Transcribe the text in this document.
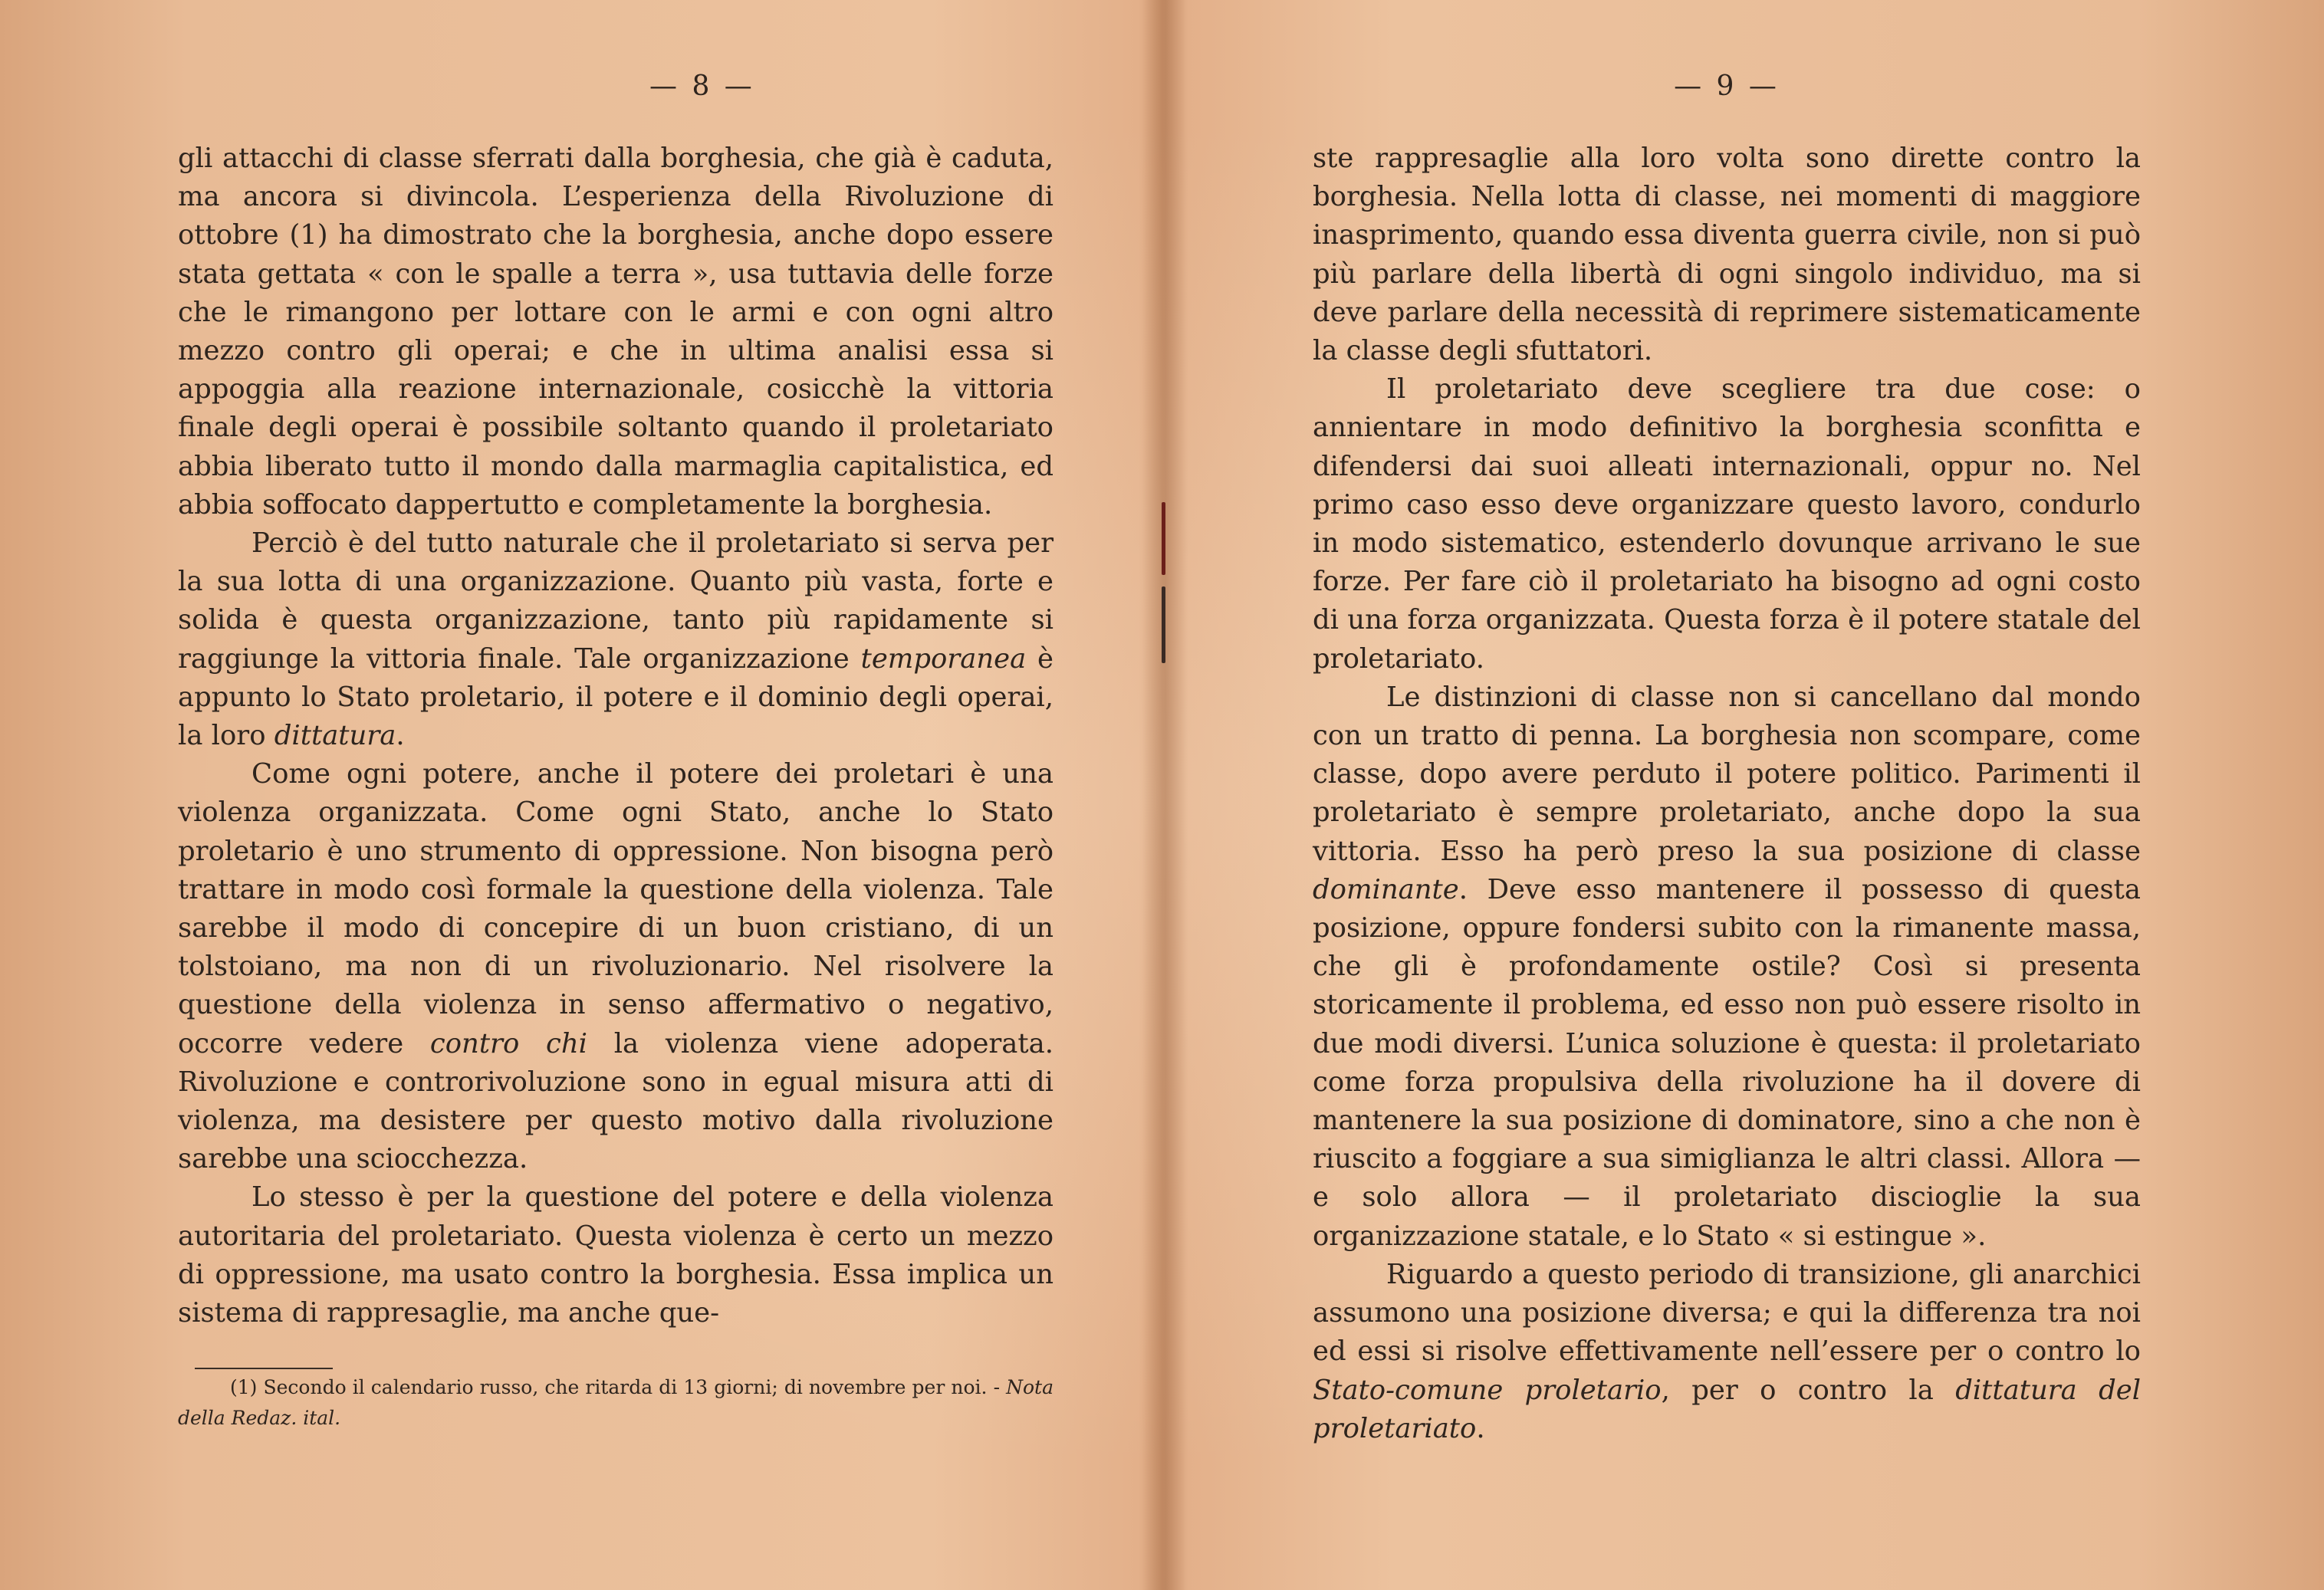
— 8 —

gli attacchi di classe sferrati dalla borghesia, che già è caduta, ma ancora si divincola. L’esperienza della Rivoluzione di ottobre (1) ha dimostrato che la borghesia, anche dopo essere stata gettata « con le spalle a terra », usa tuttavia delle forze che le rimangono per lottare con le armi e con ogni altro mezzo contro gli operai; e che in ultima analisi essa si appoggia alla reazione internazionale, cosicchè la vittoria finale degli operai è possibile soltanto quando il proletariato abbia liberato tutto il mondo dalla marmaglia capitalistica, ed abbia soffocato dappertutto e completamente la borghesia.

Perciò è del tutto naturale che il proletariato si serva per la sua lotta di una organizzazione. Quanto più vasta, forte e solida è questa organizzazione, tanto più rapidamente si raggiunge la vittoria finale. Tale organizzazione temporanea è appunto lo Stato proletario, il potere e il dominio degli operai, la loro dittatura.

Come ogni potere, anche il potere dei proletari è una violenza organizzata. Come ogni Stato, anche lo Stato proletario è uno strumento di oppressione. Non bisogna però trattare in modo così formale la questione della violenza. Tale sarebbe il modo di concepire di un buon cristiano, di un tolstoiano, ma non di un rivoluzionario. Nel risolvere la questione della violenza in senso affermativo o negativo, occorre vedere contro chi la violenza viene adoperata. Rivoluzione e controrivoluzione sono in egual misura atti di violenza, ma desistere per questo motivo dalla rivoluzione sarebbe una sciocchezza.

Lo stesso è per la questione del potere e della violenza autoritaria del proletariato. Questa violenza è certo un mezzo di oppressione, ma usato contro la borghesia. Essa implica un sistema di rappresaglie, ma anche que-

(1) Secondo il calendario russo, che ritarda di 13 giorni; di novembre per noi. - Nota della Redaz. ital.
— 9 —

ste rappresaglie alla loro volta sono dirette contro la borghesia. Nella lotta di classe, nei momenti di maggiore inasprimento, quando essa diventa guerra civile, non si può più parlare della libertà di ogni singolo individuo, ma si deve parlare della necessità di reprimere sistematicamente la classe degli sfuttatori.

Il proletariato deve scegliere tra due cose: o annientare in modo definitivo la borghesia sconfitta e difendersi dai suoi alleati internazionali, oppur no. Nel primo caso esso deve organizzare questo lavoro, condurlo in modo sistematico, estenderlo dovunque arrivano le sue forze. Per fare ciò il proletariato ha bisogno ad ogni costo di una forza organizzata. Questa forza è il potere statale del proletariato.

Le distinzioni di classe non si cancellano dal mondo con un tratto di penna. La borghesia non scompare, come classe, dopo avere perduto il potere politico. Parimenti il proletariato è sempre proletariato, anche dopo la sua vittoria. Esso ha però preso la sua posizione di classe dominante. Deve esso mantenere il possesso di questa posizione, oppure fondersi subito con la rimanente massa, che gli è profondamente ostile? Così si presenta storicamente il problema, ed esso non può essere risolto in due modi diversi. L’unica soluzione è questa: il proletariato come forza propulsiva della rivoluzione ha il dovere di mantenere la sua posizione di dominatore, sino a che non è riuscito a foggiare a sua simiglianza le altri classi. Allora — e solo allora — il proletariato discioglie la sua organizzazione statale, e lo Stato « si estingue ».

Riguardo a questo periodo di transizione, gli anarchici assumono una posizione diversa; e qui la differenza tra noi ed essi si risolve effettivamente nell’essere per o contro lo Stato-comune proletario, per o contro la dittatura del proletariato.
